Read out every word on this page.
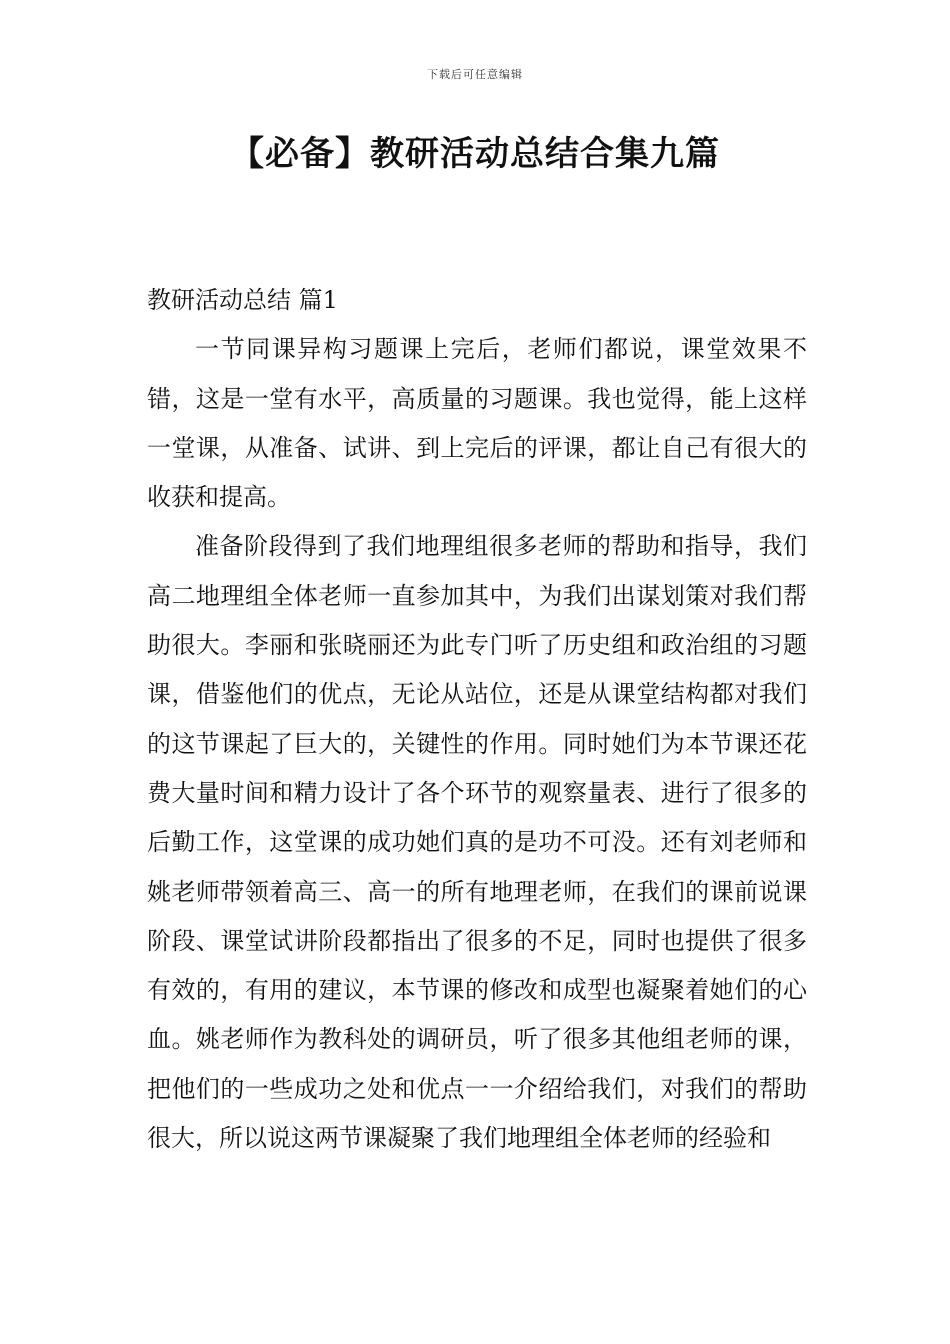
下载后可任意编辑
【必备】教研活动总结合集九篇

教研活动总结 篇1

一节同课异构习题课上完后，老师们都说，课堂效果不错，这是一堂有水平，高质量的习题课。我也觉得，能上这样一堂课，从准备、试讲、到上完后的评课，都让自己有很大的收获和提高。

准备阶段得到了我们地理组很多老师的帮助和指导，我们高二地理组全体老师一直参加其中，为我们出谋划策对我们帮助很大。李丽和张晓丽还为此专门听了历史组和政治组的习题课，借鉴他们的优点，无论从站位，还是从课堂结构都对我们的这节课起了巨大的，关键性的作用。同时她们为本节课还花费大量时间和精力设计了各个环节的观察量表、进行了很多的后勤工作，这堂课的成功她们真的是功不可没。还有刘老师和姚老师带领着高三、高一的所有地理老师，在我们的课前说课阶段、课堂试讲阶段都指出了很多的不足，同时也提供了很多有效的，有用的建议，本节课的修改和成型也凝聚着她们的心血。姚老师作为教科处的调研员，听了很多其他组老师的课，把他们的一些成功之处和优点一一介绍给我们，对我们的帮助很大，所以说这两节课凝聚了我们地理组全体老师的经验和
